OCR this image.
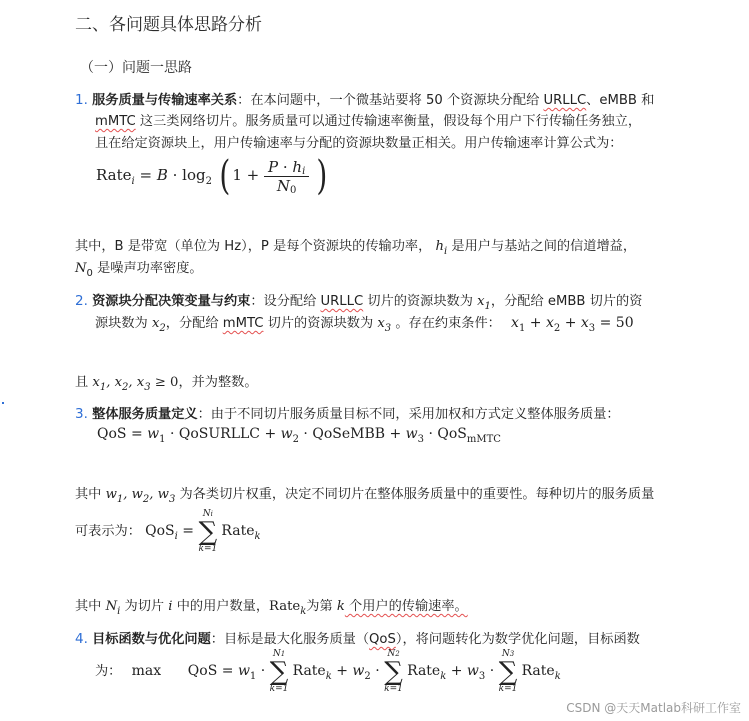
二、各问题具体思路分析
（一）问题一思路
1. 服务质量与传输速率关系：在本问题中，一个微基站要将 50 个资源块分配给 URLLC、eMBB 和
mMTC 这三类网络切片。服务质量可以通过传输速率衡量，假设每个用户下行传输任务独立，
且在给定资源块上，用户传输速率与分配的资源块数量正相关。用户传输速率计算公式为：
Rate$_i$ = $B \cdot \log_2$ ( $1 + \frac{P \cdot hi}{N0}$ )
其中，B 是带宽（单位为 Hz），P 是每个资源块的传输功率， $h_i$ 是用户与基站之间的信道增益，
$N_0$ 是噪声功率密度。
2. 资源块分配决策变量与约束：设分配给 URLLC 切片的资源块数为 $x_1$，分配给 eMBB 切片的资
源块数为 $x_2$，分配给 mMTC 切片的资源块数为 $x_3$ 。存在约束条件： $x_1 + x_2 + x_3 = 50$
且 $x_1$, $x_2$, $x_3 \ge 0$，并为整数。
3. 整体服务质量定义：由于不同切片服务质量目标不同，采用加权和方式定义整体服务质量：
QoS = $w_1$ · QoSURLLC + $w_2$ · QoSeMBB + $w_3 \cdot QoS_{mMTC}$
其中 $w_1$, $w_2$, $w_3$ 为各类切片权重，决定不同切片在整体服务质量中的重要性。每种切片的服务质量
可表示为： QoS$_i$ =
Ni
∑
k=1
Rate$_k$
其中 $N_i$ 为切片 i 中的用户数量，Rate$_k$为第 k 个用户的传输速率。
4. 目标函数与优化问题：目标是最大化服务质量（QoS），将问题转化为数学优化问题，目标函数
为： max      QoS = $w_1$ ·
N1
∑
k=1
Rate$_k$ + $w_2$ ·
N2
∑
k=1
Rate$_k$ + $w_3$ ·
N3
∑
k=1
Rate$_k$
CSDN @天天Matlab科研工作室
